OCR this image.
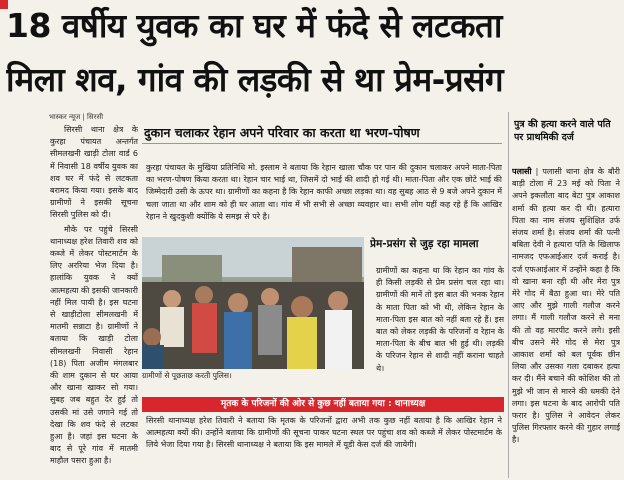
18 वर्षीय युवक का घर में फंदे से लटकता
मिला शव, गांव की लड़की से था प्रेम-प्रसंग
भास्कर न्यूज | सिरसी

सिरसी थाना क्षेत्र के कुरहा पंचायत अन्तर्गत सीमलखनी खाड़ी टोला वार्ड 6 में निवासी 18 वर्षीय युवक का शव घर में फंदे से लटकता बरामद किया गया। इसके बाद ग्रामीणों ने इसकी सूचना सिरसी पुलिस को दी।

मौके पर पहुंचे सिरसी थानाध्यक्ष हरेश तिवारी शव को कब्जे में लेकर पोस्टमार्टम के लिए अररिया भेज दिया है। हालांकि युवक ने क्यों आत्महत्या की इसकी जानकारी नहीं मिल पायी है। इस घटना से खाड़ीटोला सीमलखनी में मातमी सन्नाटा है। ग्रामीणों ने बताया कि खाड़ी टोला सीमलखनी निवासी रेहान (18) पिता अजीम मंगलबार की शाम दुकान से घर आया और खाना खाकर सो गया। सुबह जब बहुत देर हुई तो उसकी मां उसे जगाने गई तो देखा कि शव फंदे से लटका हुआ है। जहां इस घटना के बाद से पूरे गांव में मातमी माहौल पसरा हुआ है।

दुकान चलाकर रेहान अपने परिवार का करता था भरण-पोषण
कुरहा पंचायत के मुखिया प्रतिनिधि मो. इस्लाम ने बताया कि रेहान खाला चौक पर पान की दुकान चलाकर अपने माता-पिता का भरण-पोषण किया करता था। रेहान चार भाई था, जिसमें दो भाई की शादी हो गई थी। माता-पिता और एक छोटे भाई की जिम्मेदारी उसी के ऊपर था। ग्रामीणों का कहना है कि रेहान काफी अच्छा लड़का था। वह सुबह आठ से 9 बजे अपने दुकान में चला जाता था और शाम को ही घर आता था। गांव में भी सभी से अच्छा व्यवहार था। सभी लोग यहीं कह रहे हैं कि आखिर रेहान ने खुदकुशी क्योंकि ये समझ से परे है।
ग्रामीणों से पूछताछ करती पुलिस।
प्रेम-प्रसंग से जुड़ रहा मामला
ग्रामीणों का कहना था कि रेहान का गांव के ही किसी लड़की से प्रेम प्रसंग चल रहा था। ग्रामीणों की मानें तो इस बात की भनक रेहान के माता पिता को भी थी, लेकिन रेहान के माता-पिता इस बात को नहीं बता रहे हैं। इस बात को लेकर लड़की के परिजनों व रेहान के माता-पिता के बीच बात भी हुई थी। लड़की के परिजन रेहान से शादी नहीं कराना चाहते थे।
मृतक के परिजनों की ओर से कुछ नहीं बताया गया : थानाध्यक्ष
सिरसी थानाध्यक्ष हरेश तिवारी ने बताया कि मृतक के परिजनों द्वारा अभी तक कुछ नहीं बताया है कि आखिर रेहान ने आत्महत्या क्यों की। उन्होंने बताया कि ग्रामीणों की सूचना पाकर घटना स्थल पर पहुंचा शव को कब्जे में लेकर पोस्टमार्टम के लिये भेजा दिया गया है। सिरसी थानाध्यक्ष ने बताया कि इस मामले में यूडी केस दर्ज की जायेगी।
पुत्र की हत्या करने वाले पति पर प्राथमिकी दर्ज
पलासी | पलासी थाना क्षेत्र के बौरी बाड़ी टोला में 23 मई को पिता ने अपने इकलौता बाद बेटा पुत्र आकाश शर्मा की हत्या कर दी थी। हत्यारा पिता का नाम संजय सुशिक्षित उर्फ संजय शर्मा है। संजय शर्मा की पत्नी बबिता देवी ने हत्यारा पति के खिलाफ नामजद एफआईआर दर्ज कराई है। दर्ज एफआईआर में उन्होंने कहा है कि वो खाना बना रही थी और मेरा पुत्र मेरे गोद में बैठा हुआ था। मेरे पति आए और मुझे गाली गलौज करने लगा। मैं गाली गलौज करने से मना की तो वह मारपीट करने लगे। इसी बीच उसने मेरे गोद से मेरा पुत्र आकाश शर्मा को बल पूर्वक छीन लिया और उसका गला दबाकर हत्या कर दी। मैंने बचाने की कोशिश की तो मुझे भी जान से मारने की धमकी देने लगा। इस घटना के बाद आरोपी पति फरार है। पुलिस ने आवेदन लेकर पुलिस गिरफ्तार करने की गुहार लगाई है।
